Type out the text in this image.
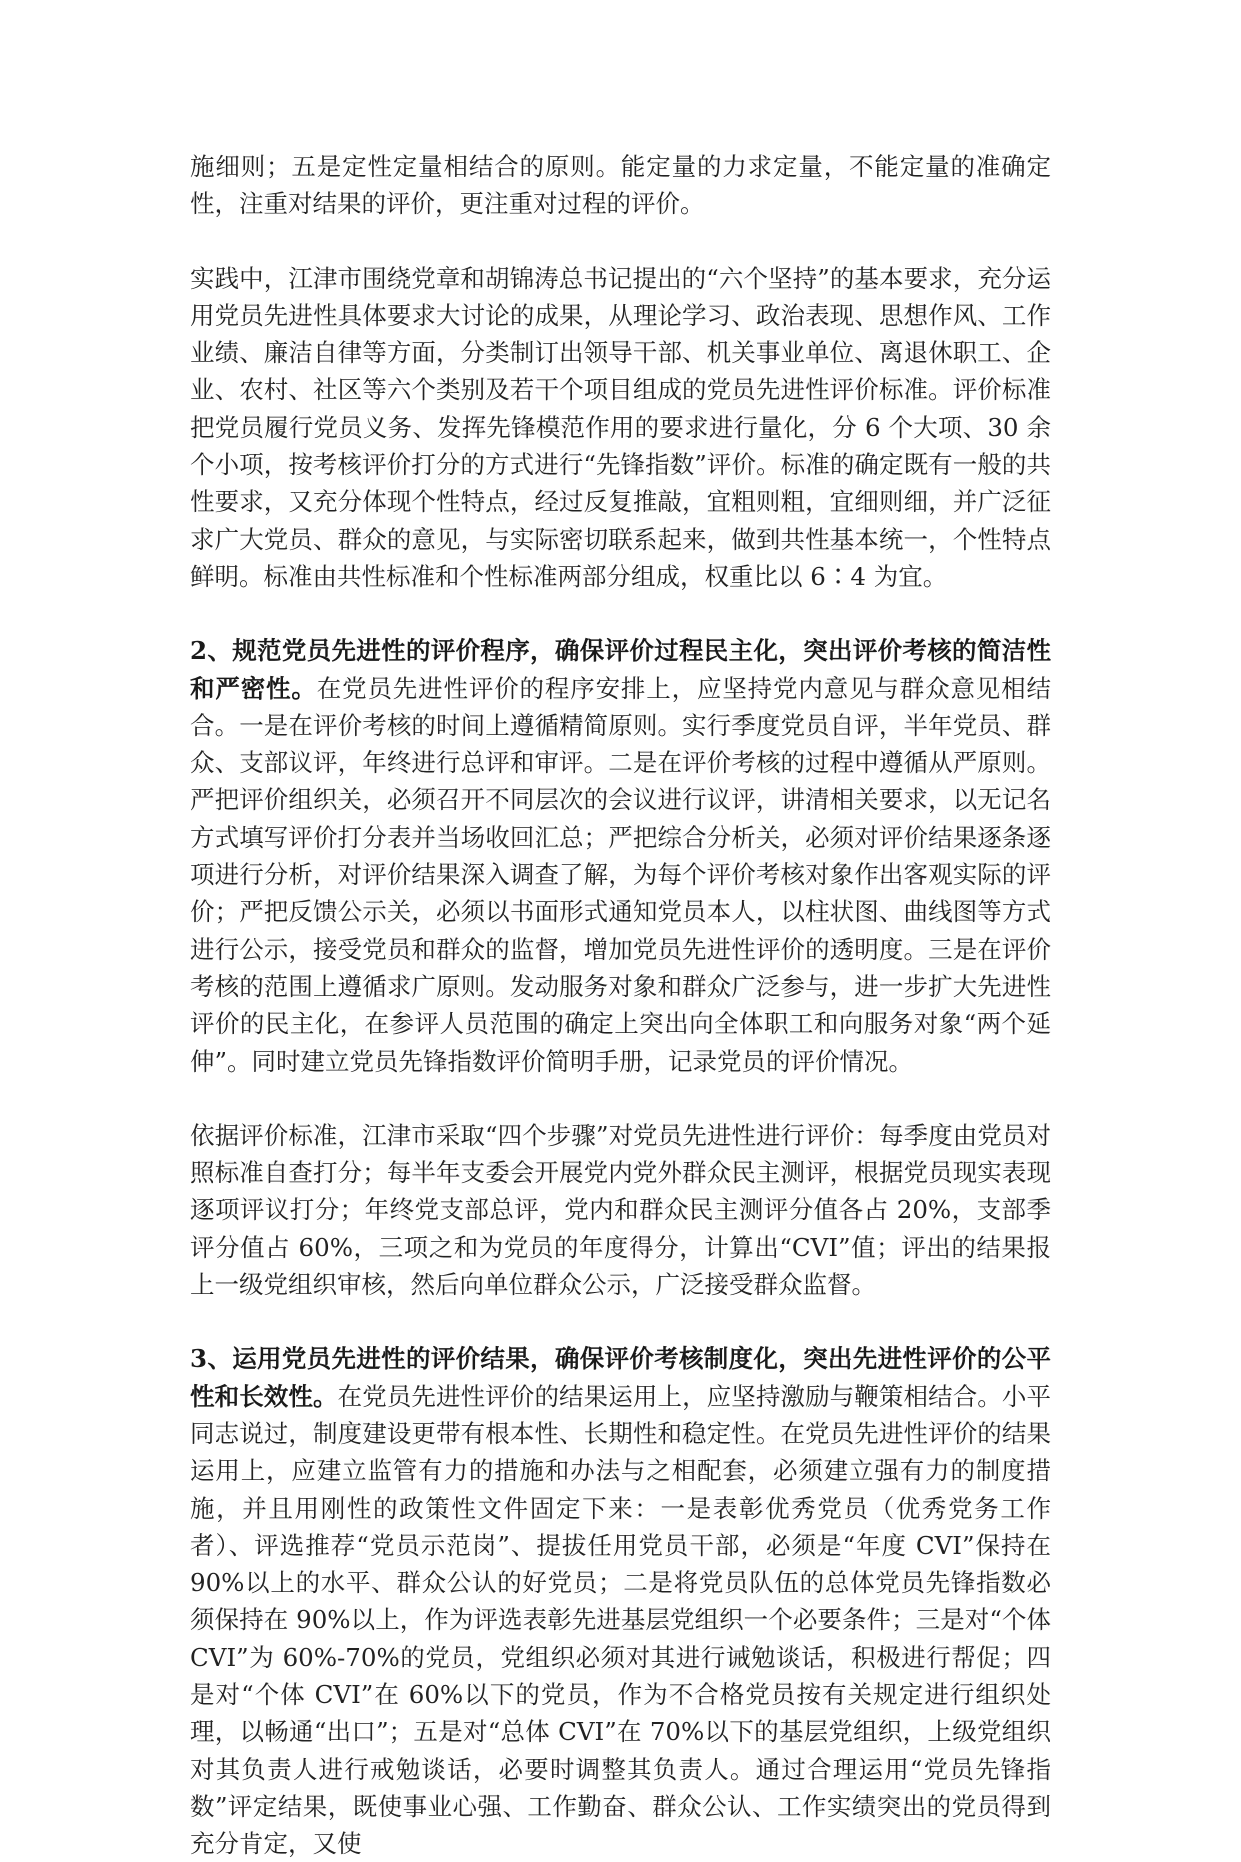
施细则；五是定性定量相结合的原则。能定量的力求定量，不能定量的准确定性，注重对结果的评价，更注重对过程的评价。

实践中，江津市围绕党章和胡锦涛总书记提出的“六个坚持”的基本要求，充分运用党员先进性具体要求大讨论的成果，从理论学习、政治表现、思想作风、工作业绩、廉洁自律等方面，分类制订出领导干部、机关事业单位、离退休职工、企业、农村、社区等六个类别及若干个项目组成的党员先进性评价标准。评价标准把党员履行党员义务、发挥先锋模范作用的要求进行量化，分 6 个大项、30 余个小项，按考核评价打分的方式进行“先锋指数”评价。标准的确定既有一般的共性要求，又充分体现个性特点，经过反复推敲，宜粗则粗，宜细则细，并广泛征求广大党员、群众的意见，与实际密切联系起来，做到共性基本统一，个性特点鲜明。标准由共性标准和个性标准两部分组成，权重比以 6∶4 为宜。

2、规范党员先进性的评价程序，确保评价过程民主化，突出评价考核的简洁性和严密性。在党员先进性评价的程序安排上，应坚持党内意见与群众意见相结合。一是在评价考核的时间上遵循精简原则。实行季度党员自评，半年党员、群众、支部议评，年终进行总评和审评。二是在评价考核的过程中遵循从严原则。严把评价组织关，必须召开不同层次的会议进行议评，讲清相关要求，以无记名方式填写评价打分表并当场收回汇总；严把综合分析关，必须对评价结果逐条逐项进行分析，对评价结果深入调查了解，为每个评价考核对象作出客观实际的评价；严把反馈公示关，必须以书面形式通知党员本人，以柱状图、曲线图等方式进行公示，接受党员和群众的监督，增加党员先进性评价的透明度。三是在评价考核的范围上遵循求广原则。发动服务对象和群众广泛参与，进一步扩大先进性评价的民主化，在参评人员范围的确定上突出向全体职工和向服务对象“两个延伸”。同时建立党员先锋指数评价简明手册，记录党员的评价情况。

依据评价标准，江津市采取“四个步骤”对党员先进性进行评价：每季度由党员对照标准自查打分；每半年支委会开展党内党外群众民主测评，根据党员现实表现逐项评议打分；年终党支部总评，党内和群众民主测评分值各占 20%，支部季评分值占 60%，三项之和为党员的年度得分，计算出“CVI”值；评出的结果报上一级党组织审核，然后向单位群众公示，广泛接受群众监督。

3、运用党员先进性的评价结果，确保评价考核制度化，突出先进性评价的公平性和长效性。在党员先进性评价的结果运用上，应坚持激励与鞭策相结合。小平同志说过，制度建设更带有根本性、长期性和稳定性。在党员先进性评价的结果运用上，应建立监管有力的措施和办法与之相配套，必须建立强有力的制度措施，并且用刚性的政策性文件固定下来：一是表彰优秀党员（优秀党务工作者）、评选推荐“党员示范岗”、提拔任用党员干部，必须是“年度 CVI”保持在 90%以上的水平、群众公认的好党员；二是将党员队伍的总体党员先锋指数必须保持在 90%以上，作为评选表彰先进基层党组织一个必要条件；三是对“个体 CVI”为 60%-70%的党员，党组织必须对其进行诫勉谈话，积极进行帮促；四是对“个体 CVI”在 60%以下的党员，作为不合格党员按有关规定进行组织处理，以畅通“出口”；五是对“总体 CVI”在 70%以下的基层党组织，上级党组织对其负责人进行戒勉谈话，必要时调整其负责人。通过合理运用“党员先锋指数”评定结果，既使事业心强、工作勤奋、群众公认、工作实绩突出的党员得到充分肯定，又使
